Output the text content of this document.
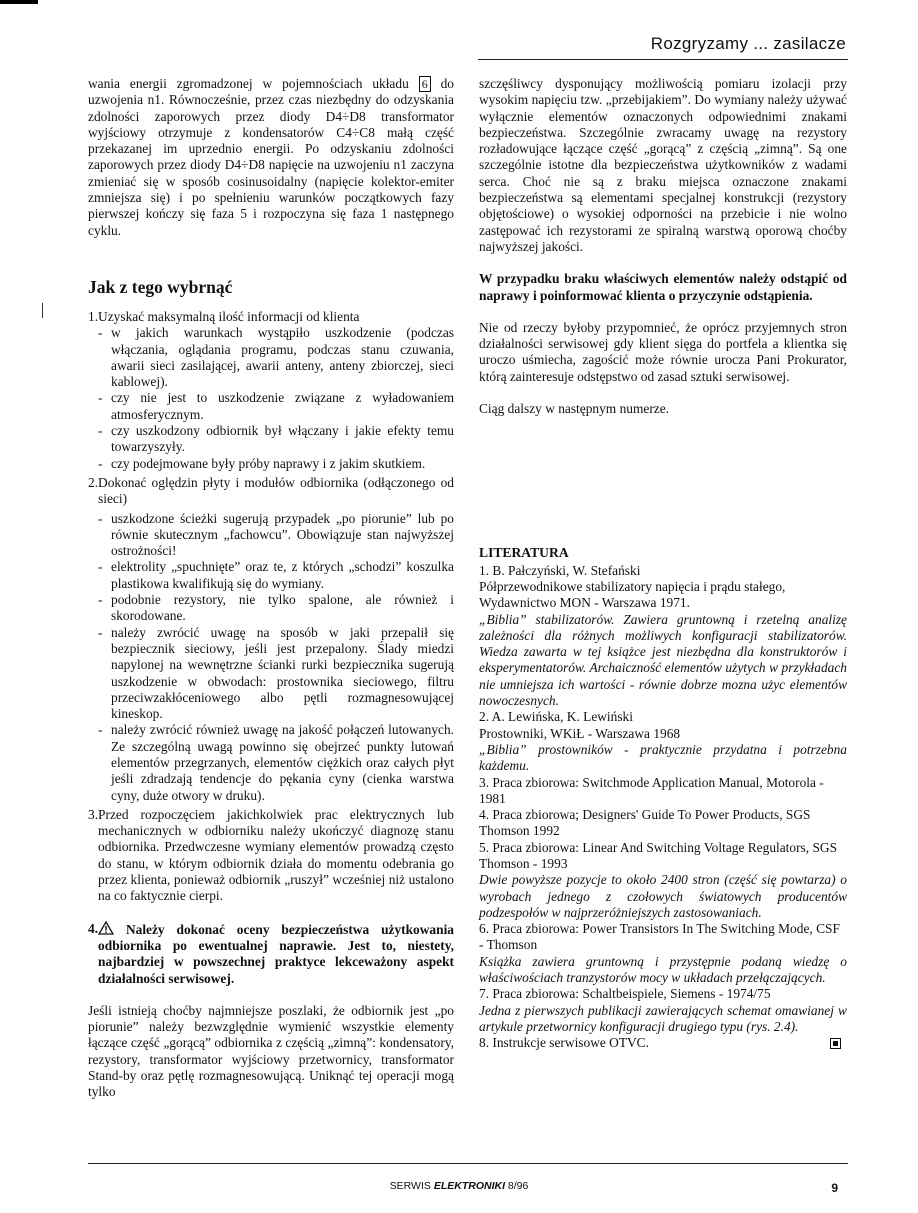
Rozgryzamy ... zasilacze

wania energii zgromadzonej w pojemnościach układu 6 do uzwojenia n1. Równocześnie, przez czas niezbędny do odzyskania zdolności zaporowych przez diody D4÷D8 transformator wyjściowy otrzymuje z kondensatorów C4÷C8 małą część przekazanej im uprzednio energii. Po odzyskaniu zdolności zaporowych przez diody D4÷D8 napięcie na uzwojeniu n1 zaczyna zmieniać się w sposób cosinusoidalny (napięcie kolektor-emiter zmniejsza się) i po spełnieniu warunków początkowych fazy pierwszej kończy się faza 5 i rozpoczyna się faza 1 następnego cyklu.

Jak z tego wybrnąć
1. Uzyskać maksymalną ilość informacji od klienta
- w jakich warunkach wystąpiło uszkodzenie (podczas włączania, oglądania programu, podczas stanu czuwania, awarii sieci zasilającej, awarii anteny, anteny zbiorczej, sieci kablowej).
- czy nie jest to uszkodzenie związane z wyładowaniem atmosferycznym.
- czy uszkodzony odbiornik był włączany i jakie efekty temu towarzyszyły.
- czy podejmowane były próby naprawy i z jakim skutkiem.
2. Dokonać oględzin płyty i modułów odbiornika (odłączonego od sieci)
- uszkodzone ścieżki sugerują przypadek „po piorunie” lub po równie skutecznym „fachowcu”. Obowiązuje stan najwyższej ostrożności!
- elektrolity „spuchnięte” oraz te, z których „schodzi” koszulka plastikowa kwalifikują się do wymiany.
- podobnie rezystory, nie tylko spalone, ale również i skorodowane.
- należy zwrócić uwagę na sposób w jaki przepalił się bezpiecznik sieciowy, jeśli jest przepalony. Ślady miedzi napylonej na wewnętrzne ścianki rurki bezpiecznika sugerują uszkodzenie w obwodach: prostownika sieciowego, filtru przeciwzakłóceniowego albo pętli rozmagnesowującej kineskop.
- należy zwrócić również uwagę na jakość połączeń lutowanych. Ze szczególną uwagą powinno się obejrzeć punkty lutowań elementów przegrzanych, elementów ciężkich oraz całych płyt jeśli zdradzają tendencje do pękania cyny (cienka warstwa cyny, duże otwory w druku).
3. Przed rozpoczęciem jakichkolwiek prac elektrycznych lub mechanicznych w odbiorniku należy ukończyć diagnozę stanu odbiornika. Przedwczesne wymiany elementów prowadzą często do stanu, w którym odbiornik działa do momentu odebrania go przez klienta, ponieważ odbiornik „ruszył” wcześniej niż ustalono na co faktycznie cierpi.
4.	Należy dokonać oceny bezpieczeństwa użytkowania odbiornika po ewentualnej naprawie. Jest to, niestety, najbardziej w powszechnej praktyce lekceważony aspekt działalności serwisowej.

Jeśli istnieją choćby najmniejsze poszlaki, że odbiornik jest „po piorunie” należy bezwzględnie wymienić wszystkie elementy łączące część „gorącą” odbiornika z częścią „zimną”: kondensatory, rezystory, transformator wyjściowy przetwornicy, transformator Stand-by oraz pętlę rozmagnesowującą. Uniknąć tej operacji mogą tylko

szczęśliwcy dysponujący możliwością pomiaru izolacji przy wysokim napięciu tzw. „przebijakiem”. Do wymiany należy używać wyłącznie elementów oznaczonych odpowiednimi znakami bezpieczeństwa. Szczególnie zwracamy uwagę na rezystory rozładowujące łączące część „gorącą” z częścią „zimną”. Są one szczególnie istotne dla bezpieczeństwa użytkowników z wadami serca. Choć nie są z braku miejsca oznaczone znakami bezpieczeństwa są elementami specjalnej konstrukcji (rezystory objętościowe) o wysokiej odporności na przebicie i nie wolno zastępować ich rezystorami ze spiralną warstwą oporową choćby najwyższej jakości.

W przypadku braku właściwych elementów należy odstąpić od naprawy i poinformować klienta o przyczynie odstąpienia.

Nie od rzeczy byłoby przypomnieć, że oprócz przyjemnych stron działalności serwisowej gdy klient sięga do portfela a klientka się uroczo uśmiecha, zagościć może równie urocza Pani Prokurator, którą zainteresuje odstępstwo od zasad sztuki serwisowej.

Ciąg dalszy w następnym numerze.

LITERATURA

1. B. Pałczyński, W. Stefański

Półprzewodnikowe stabilizatory napięcia i prądu stałego, Wydawnictwo MON - Warszawa 1971.

„Biblia” stabilizatorów. Zawiera gruntowną i rzetelną analizę zależności dla różnych możliwych konfiguracji stabilizatorów. Wiedza zawarta w tej książce jest niezbędna dla konstruktorów i eksperymentatorów. Archaiczność elementów użytych w przykładach nie umniejsza ich wartości - równie dobrze mozna użyc elementów nowoczesnych.

2. A. Lewińska, K. Lewiński

Prostowniki, WKiŁ - Warszawa 1968

„Biblia” prostowników - praktycznie przydatna i potrzebna każdemu.

3. Praca zbiorowa: Switchmode Application Manual, Motorola - 1981

4. Praca zbiorowa; Designers' Guide To Power Products, SGS Thomson 1992

5. Praca zbiorowa: Linear And Switching Voltage Regulators, SGS Thomson - 1993

Dwie powyższe pozycje to około 2400 stron (część się powtarza) o wyrobach jednego z czołowych światowych producentów podzespołów w najprzeróżniejszych zastosowaniach.

6. Praca zbiorowa: Power Transistors In The Switching Mode, CSF - Thomson

Książka zawiera gruntowną i przystępnie podaną wiedzę o właściwościach tranzystorów mocy w układach przełączających.

7. Praca zbiorowa: Schaltbeispiele, Siemens - 1974/75

Jedna z pierwszych publikacji zawierających schemat omawianej w artykule przetwornicy konfiguracji drugiego typu (rys. 2.4).

8. Instrukcje serwisowe OTVC.

SERWIS ELEKTRONIKI 8/96	9
